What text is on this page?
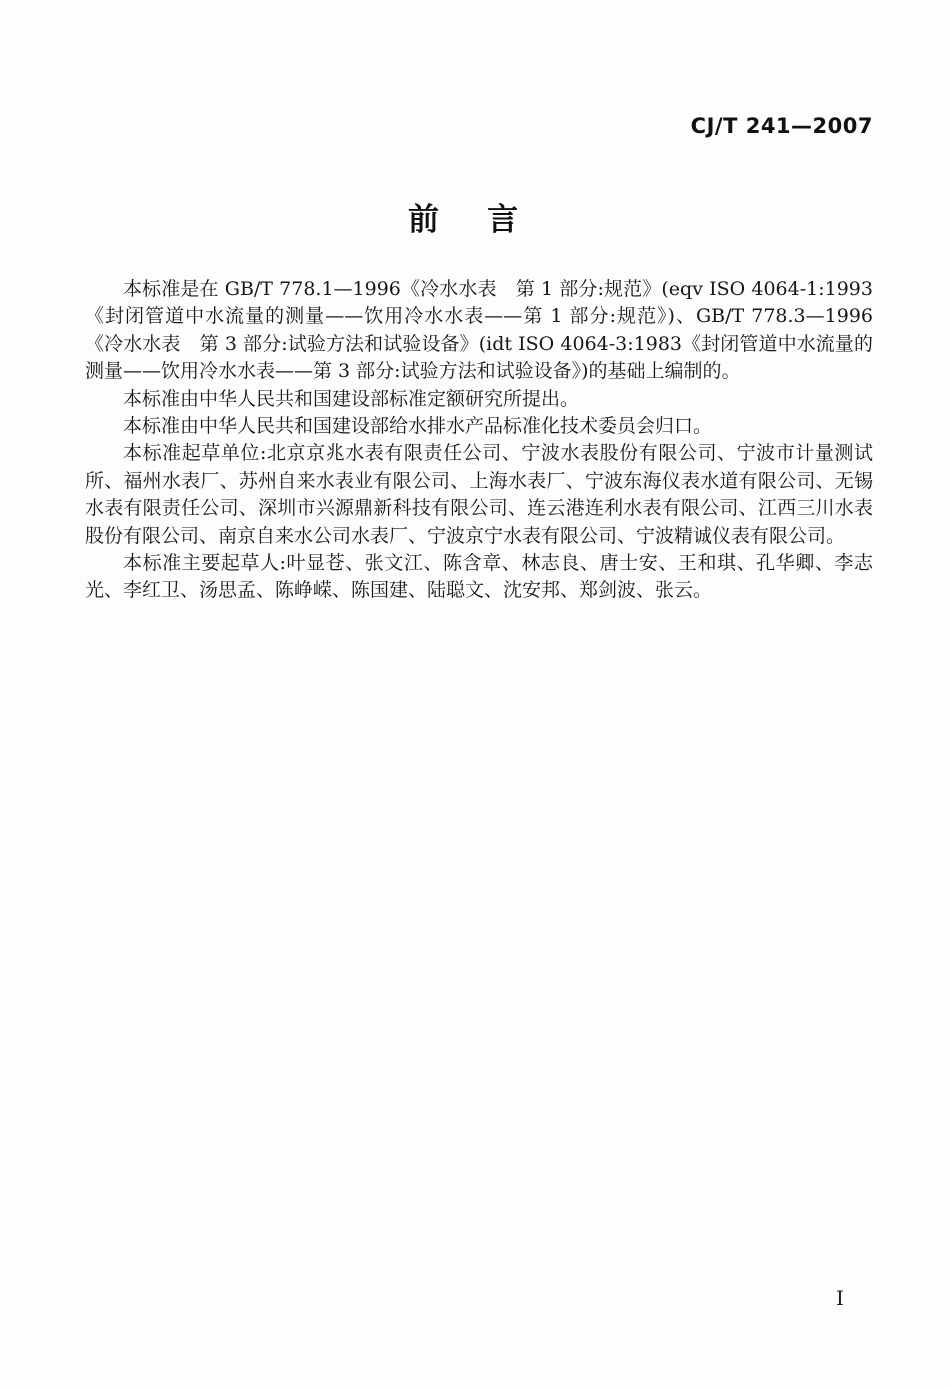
CJ/T 241—2007
前言

本标准是在 GB/T 778.1—1996《冷水水表　第 1 部分:规范》(eqv ISO 4064-1:1993《封闭管道中水流量的测量——饮用冷水水表——第 1 部分:规范》)、GB/T 778.3—1996《冷水水表　第 3 部分:试验方法和试验设备》(idt ISO 4064-3:1983《封闭管道中水流量的测量——饮用冷水水表——第 3 部分:试验方法和试验设备》)的基础上编制的。

本标准由中华人民共和国建设部标准定额研究所提出。

本标准由中华人民共和国建设部给水排水产品标准化技术委员会归口。

本标准起草单位:北京京兆水表有限责任公司、宁波水表股份有限公司、宁波市计量测试所、福州水表厂、苏州自来水表业有限公司、上海水表厂、宁波东海仪表水道有限公司、无锡水表有限责任公司、深圳市兴源鼎新科技有限公司、连云港连利水表有限公司、江西三川水表股份有限公司、南京自来水公司水表厂、宁波京宁水表有限公司、宁波精诚仪表有限公司。

本标准主要起草人:叶显苍、张文江、陈含章、林志良、唐士安、王和琪、孔华卿、李志光、李红卫、汤思孟、陈峥嵘、陈国建、陆聪文、沈安邦、郑剑波、张云。

I
